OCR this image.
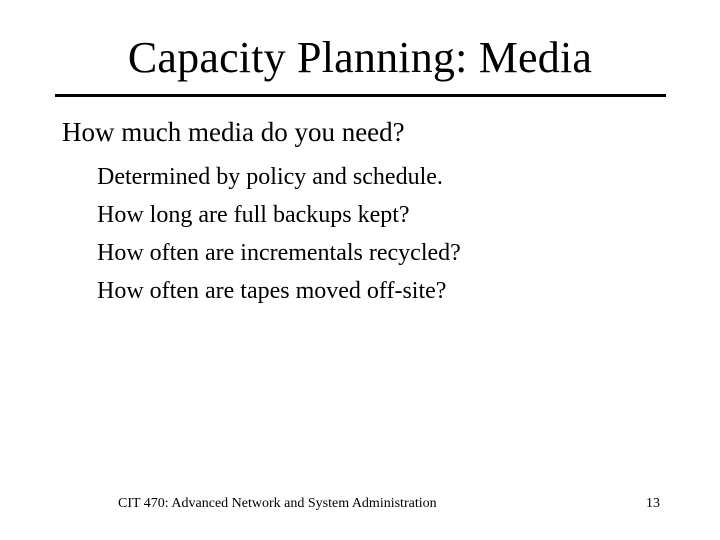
Capacity Planning: Media
How much media do you need?
Determined by policy and schedule.
How long are full backups kept?
How often are incrementals recycled?
How often are tapes moved off-site?
CIT 470: Advanced Network and System Administration	13
